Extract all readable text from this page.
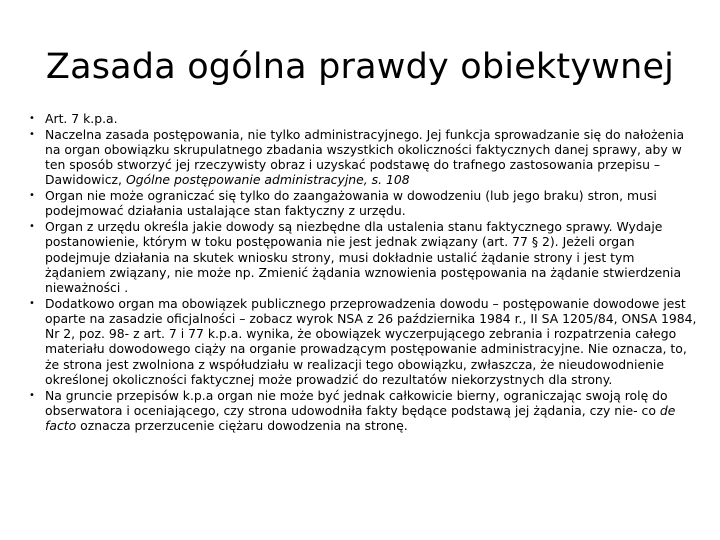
Zasada ogólna prawdy obiektywnej
• Art. 7 k.p.a.
• Naczelna zasada postępowania, nie tylko administracyjnego. Jej funkcja sprowadzanie się do nałożenia na organ obowiązku skrupulatnego zbadania wszystkich okoliczności faktycznych danej sprawy, aby w ten sposób stworzyć jej rzeczywisty obraz i uzyskać podstawę do trafnego zastosowania przepisu – Dawidowicz, Ogólne postępowanie administracyjne, s. 108
• Organ nie może ograniczać się tylko do zaangażowania w dowodzeniu (lub jego braku) stron, musi podejmować działania ustalające stan faktyczny z urzędu.
• Organ z urzędu określa jakie dowody są niezbędne dla ustalenia stanu faktycznego sprawy. Wydaje postanowienie, którym w toku postępowania nie jest jednak związany (art. 77 § 2). Jeżeli organ podejmuje działania na skutek wniosku strony, musi dokładnie ustalić żądanie strony i jest tym żądaniem związany, nie może np. Zmienić żądania wznowienia postępowania na żądanie stwierdzenia nieważności .
• Dodatkowo organ ma obowiązek publicznego przeprowadzenia dowodu – postępowanie dowodowe jest oparte na zasadzie oficjalności – zobacz wyrok NSA z 26 października 1984 r., II SA 1205/84, ONSA 1984, Nr 2, poz. 98- z art. 7 i 77 k.p.a. wynika, że obowiązek wyczerpującego zebrania i rozpatrzenia całego materiału dowodowego ciąży na organie prowadzącym postępowanie administracyjne. Nie oznacza, to, że strona jest zwolniona z współudziału w realizacji tego obowiązku, zwłaszcza, że nieudowodnienie określonej okoliczności faktycznej może prowadzić do rezultatów niekorzystnych dla strony.
• Na gruncie przepisów k.p.a organ nie może być jednak całkowicie bierny, ograniczając swoją rolę do obserwatora i oceniającego, czy strona udowodniła fakty będące podstawą jej żądania, czy nie- co de facto oznacza przerzucenie ciężaru dowodzenia na stronę.
